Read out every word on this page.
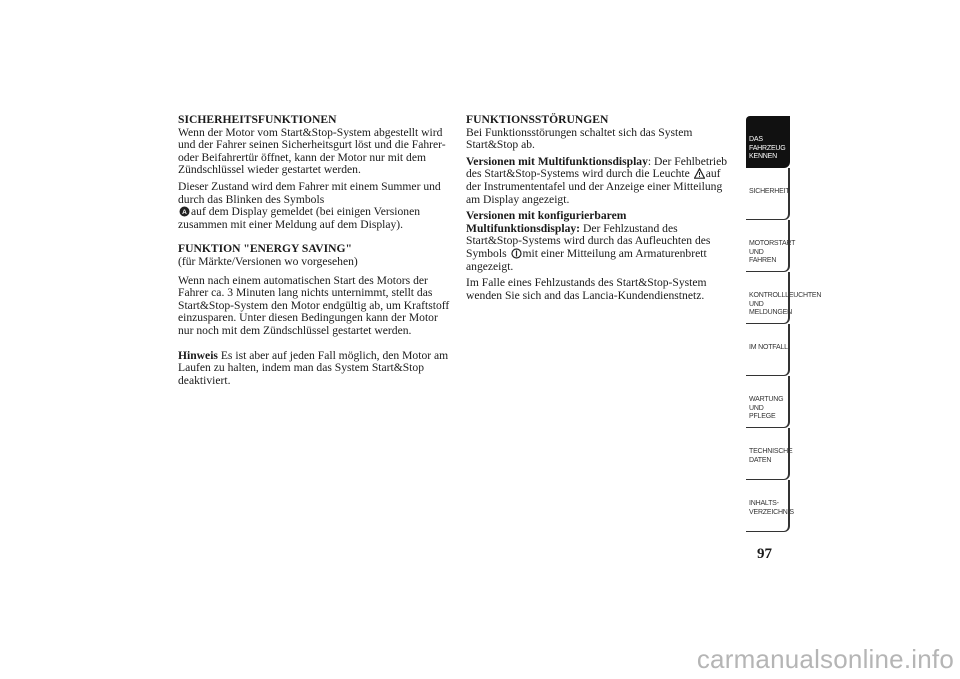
SICHERHEITSFUNKTIONEN

Wenn der Motor vom Start&Stop-System abgestellt wird und der Fahrer seinen Sicherheitsgurt löst und die Fahrer- oder Beifahrertür öffnet, kann der Motor nur mit dem Zündschlüssel wieder gestartet werden.

Dieser Zustand wird dem Fahrer mit einem Summer und durch das Blinken des Symbols

A auf dem Display gemeldet (bei einigen Versionen zusammen mit einer Meldung auf dem Display).

FUNKTION "ENERGY SAVING"

(für Märkte/Versionen wo vorgesehen)

Wenn nach einem automatischen Start des Motors der Fahrer ca. 3 Minuten lang nichts unternimmt, stellt das Start&Stop-System den Motor endgültig ab, um Kraftstoff einzusparen. Unter diesen Bedingungen kann der Motor nur noch mit dem Zündschlüssel gestartet werden.

Hinweis Es ist aber auf jeden Fall möglich, den Motor am Laufen zu halten, indem man das System Start&Stop deaktiviert.

FUNKTIONSSTÖRUNGEN

Bei Funktionsstörungen schaltet sich das System Start&Stop ab.

Versionen mit Multifunktionsdisplay: Der Fehlbetrieb des Start&Stop-Systems wird durch die Leuchte auf der Instrumententafel und der Anzeige einer Mitteilung am Display angezeigt.

Versionen mit konfigurierbarem Multifunktionsdisplay: Der Fehlzustand des Start&Stop-Systems wird durch das Aufleuchten des Symbols mit einer Mitteilung am Armaturenbrett angezeigt.

Im Falle eines Fehlzustands des Start&Stop-System wenden Sie sich and das Lancia-Kundendienstnetz.

DAS FAHRZEUG
KENNEN
SICHERHEIT
MOTORSTART UND
FAHREN
KONTROLLLEUCHTEN
UND MELDUNGEN
IM NOTFALL
WARTUNG UND
PFLEGE
TECHNISCHE
DATEN
INHALTS-
VERZEICHNIS
97
carmanualsonline.info
